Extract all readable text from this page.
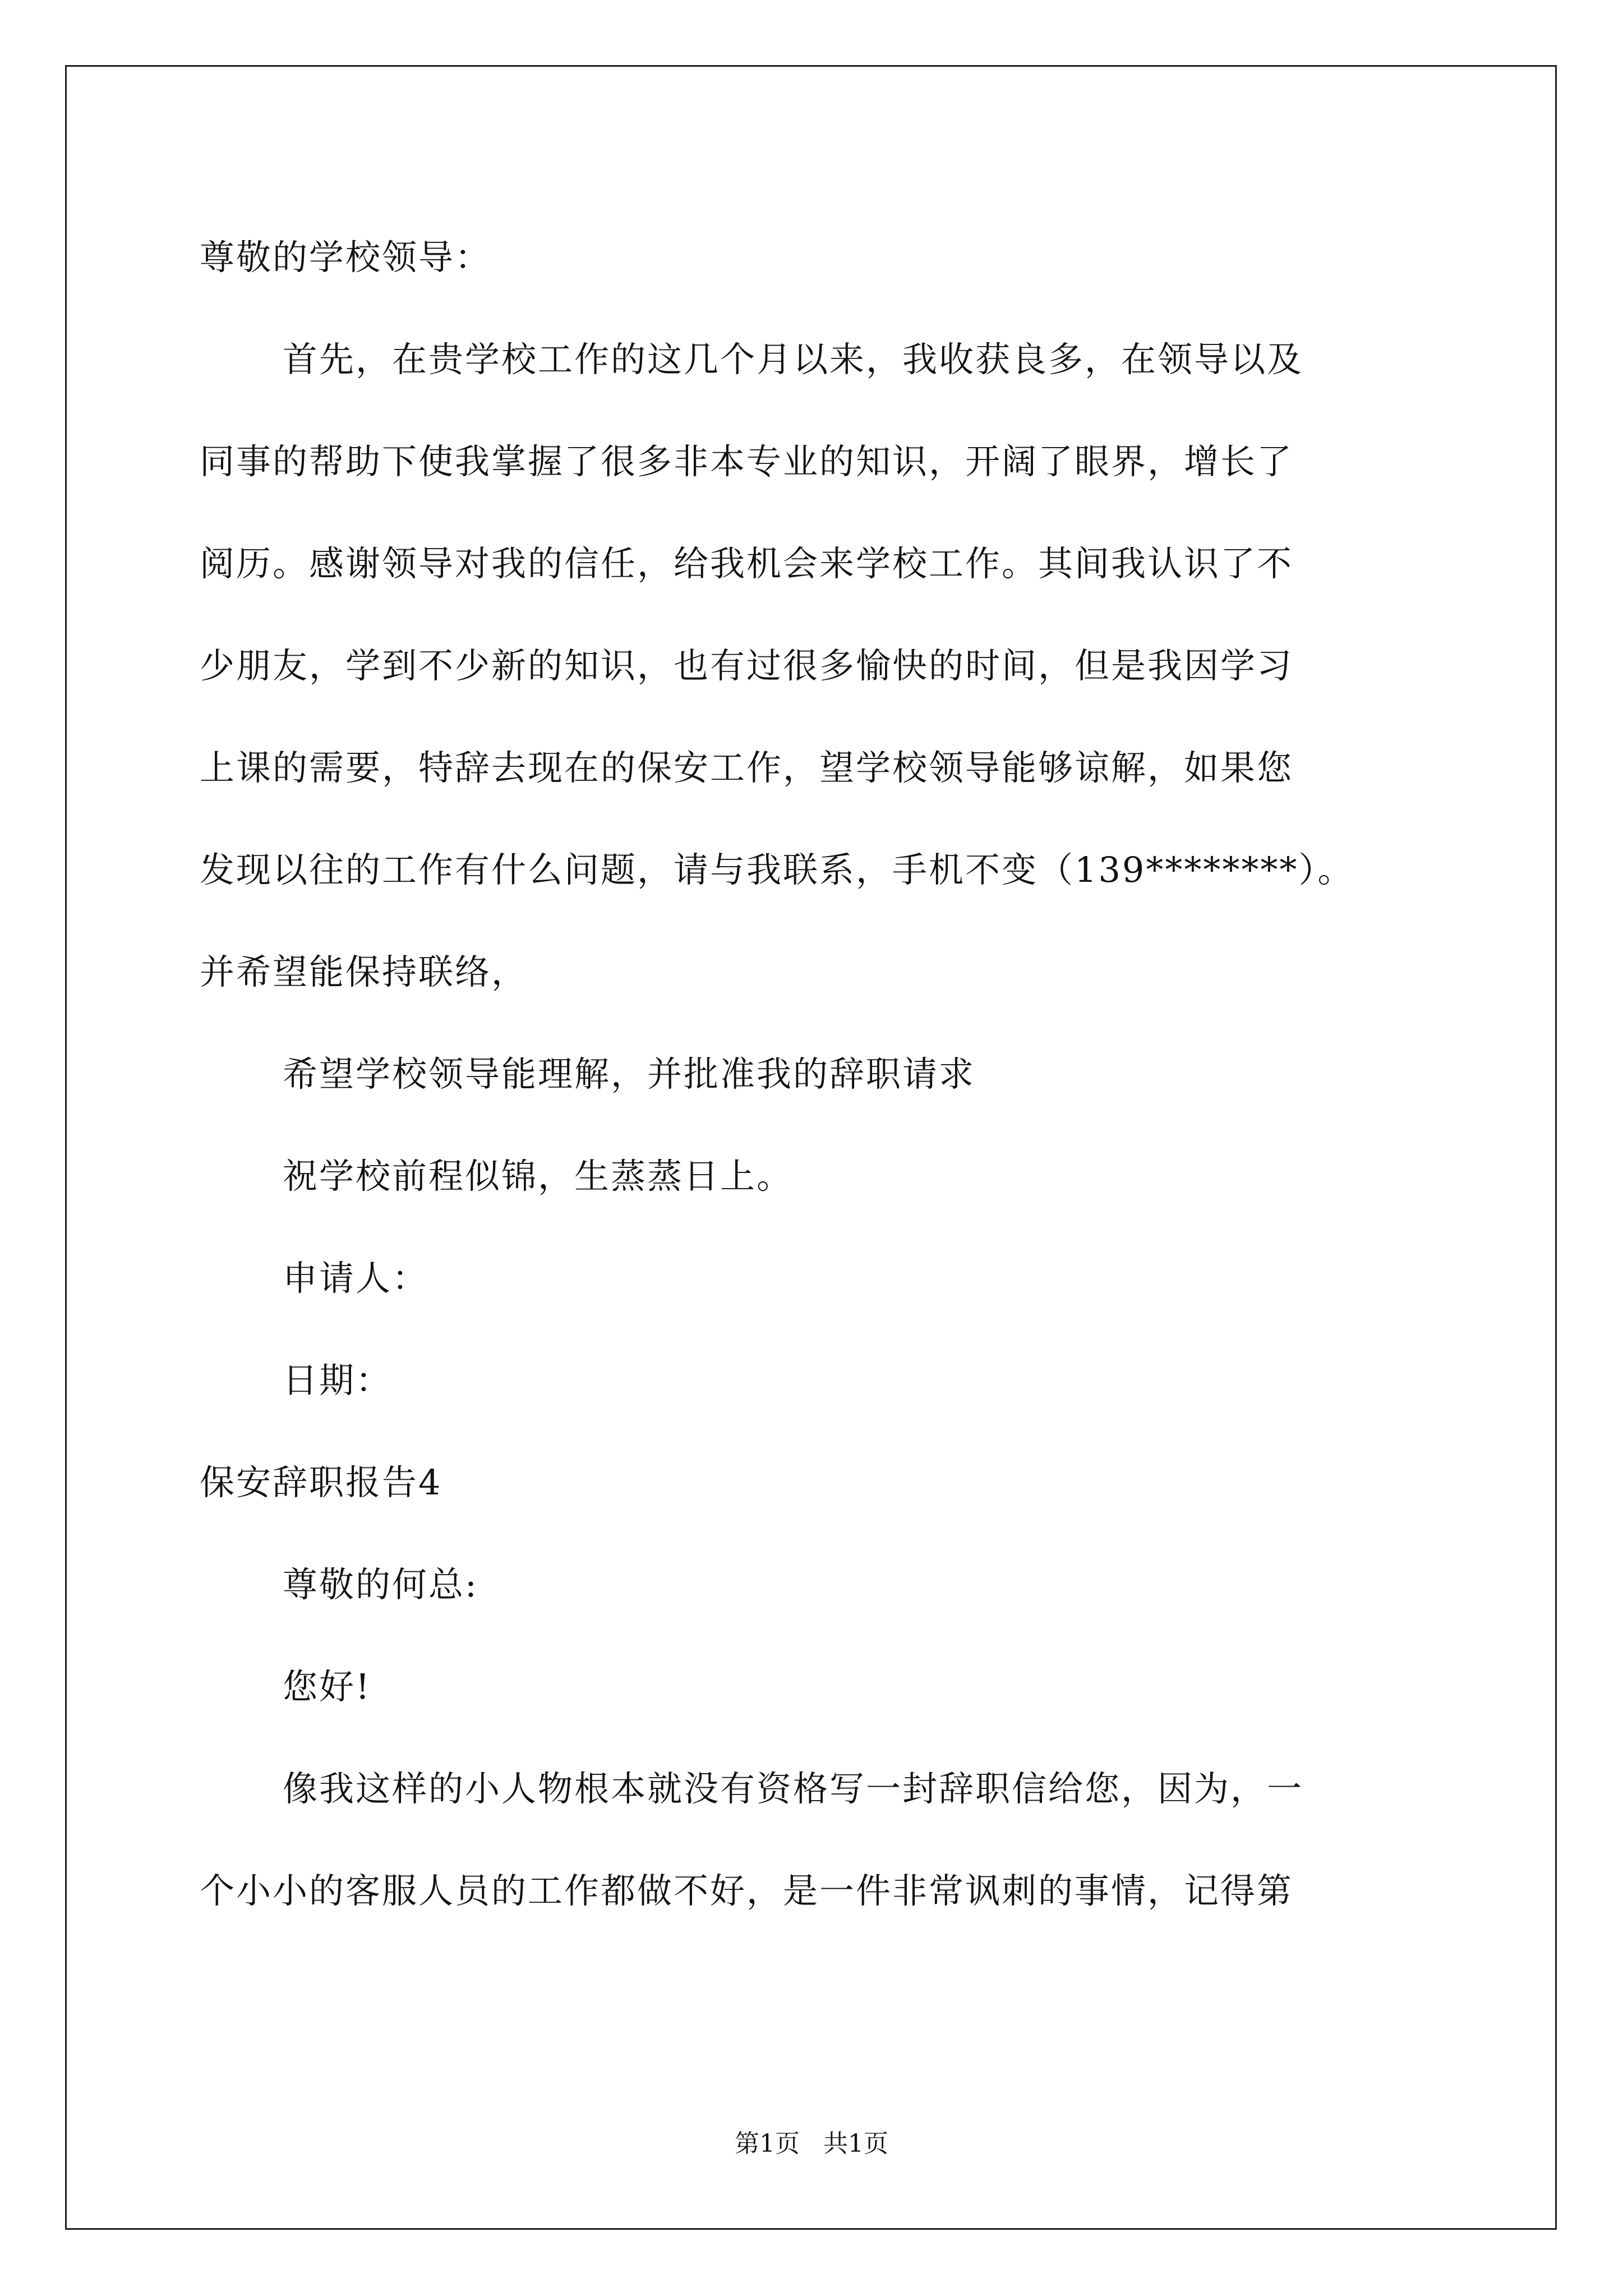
尊敬的学校领导：
首先，在贵学校工作的这几个月以来，我收获良多，在领导以及
同事的帮助下使我掌握了很多非本专业的知识，开阔了眼界，增长了
阅历。感谢领导对我的信任，给我机会来学校工作。其间我认识了不
少朋友，学到不少新的知识，也有过很多愉快的时间，但是我因学习
上课的需要，特辞去现在的保安工作，望学校领导能够谅解，如果您
发现以往的工作有什么问题，请与我联系，手机不变（139********）。
并希望能保持联络，
希望学校领导能理解，并批准我的辞职请求
祝学校前程似锦，生蒸蒸日上。
申请人：
日期：
保安辞职报告4
尊敬的何总:
您好!
像我这样的小人物根本就没有资格写一封辞职信给您，因为，一
个小小的客服人员的工作都做不好，是一件非常讽刺的事情，记得第
第1页   共1页
